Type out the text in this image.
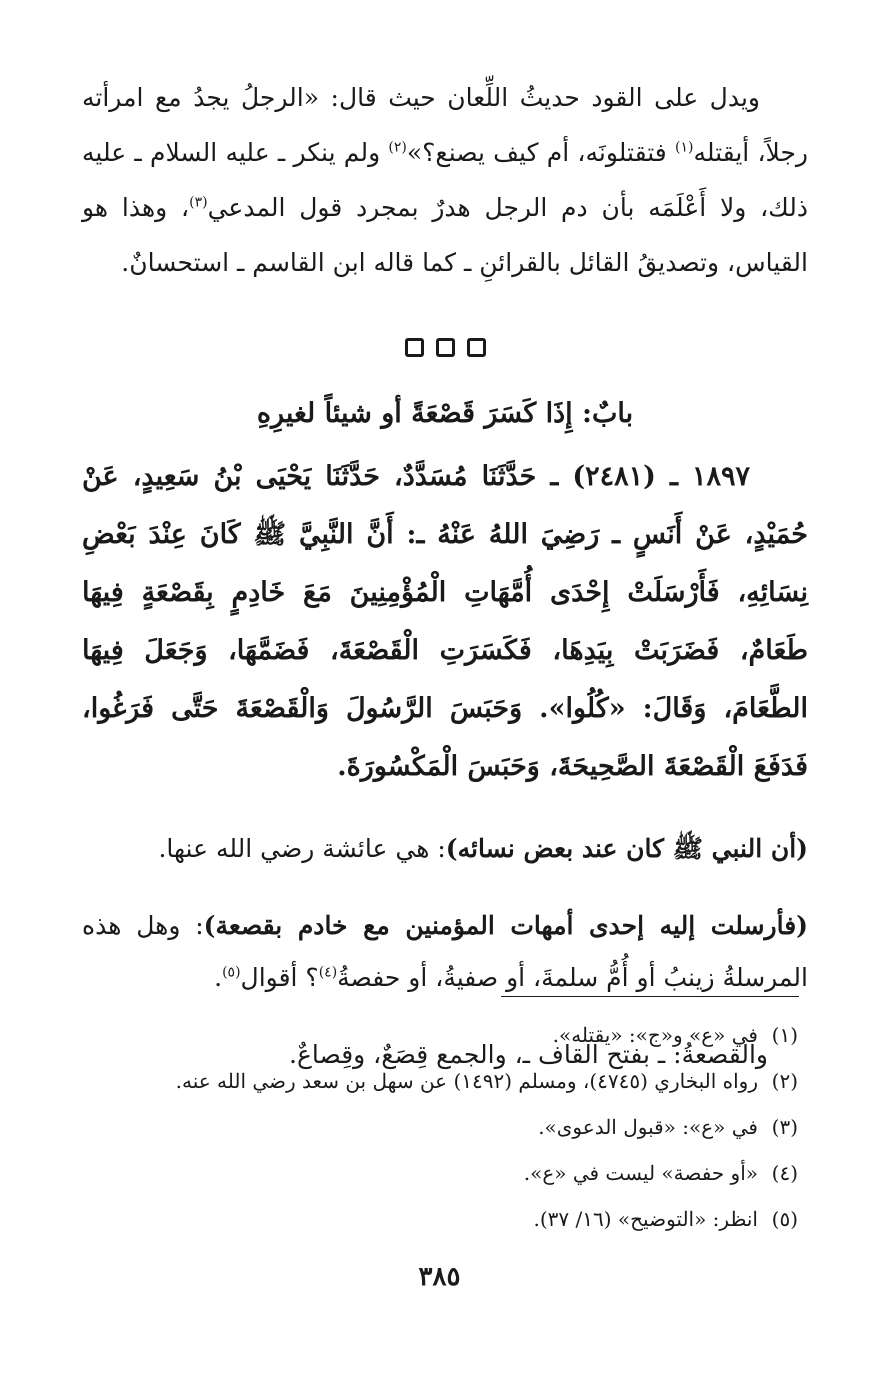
ويدل على القود حديثُ اللِّعان حيث قال: «الرجلُ يجدُ مع امرأته رجلاً، أيقتله$^{(١)}$ فتقتلونَه، أم كيف يصنع؟»$^{(٢)}$ ولم ينكر ـ عليه السلام ـ عليه ذلك، ولا أَعْلَمَه بأن دم الرجل هدرٌ بمجرد قول المدعي$^{(٣)}$، وهذا هو القياس، وتصديقُ القائل بالقرائنِ ـ كما قاله ابن القاسم ـ استحسانٌ.

بابٌ: إِذَا كَسَرَ قَصْعَةً أو شيئاً لغيرِهِ

١٨٩٧ ـ (٢٤٨١) ـ حَدَّثَنَا مُسَدَّدٌ، حَدَّثَنَا يَحْيَى بْنُ سَعِيدٍ، عَنْ حُمَيْدٍ، عَنْ أَنَسٍ ـ رَضِيَ اللهُ عَنْهُ ـ: أَنَّ النَّبِيَّ ﷺ كَانَ عِنْدَ بَعْضِ نِسَائِهِ، فَأَرْسَلَتْ إِحْدَى أُمَّهَاتِ الْمُؤْمِنِينَ مَعَ خَادِمٍ بِقَصْعَةٍ فِيهَا طَعَامٌ، فَضَرَبَتْ بِيَدِهَا، فَكَسَرَتِ الْقَصْعَةَ، فَضَمَّهَا، وَجَعَلَ فِيهَا الطَّعَامَ، وَقَالَ: «كُلُوا». وَحَبَسَ الرَّسُولَ وَالْقَصْعَةَ حَتَّى فَرَغُوا، فَدَفَعَ الْقَصْعَةَ الصَّحِيحَةَ، وَحَبَسَ الْمَكْسُورَةَ.

(أن النبي ﷺ كان عند بعض نسائه): هي عائشة رضي الله عنها.

(فأرسلت إليه إحدى أمهات المؤمنين مع خادم بقصعة): وهل هذه المرسلةُ زينبُ أو أُمُّ سلمةَ، أو صفيةُ، أو حفصةُ$^{(٤)}$؟ أقوال$^{(٥)}$.

والقصعةُ: ـ بفتح القاف ـ، والجمع قِصَعٌ، وقِصاعٌ.

(١)في «ع» و«ج»: «يقتله».
(٢)رواه البخاري (٤٧٤٥)، ومسلم (١٤٩٢) عن سهل بن سعد رضي الله عنه.
(٣)في «ع»: «قبول الدعوى».
(٤)«أو حفصة» ليست في «ع».
(٥)انظر: «التوضيح» (١٦/ ٣٧).
٣٨٥
